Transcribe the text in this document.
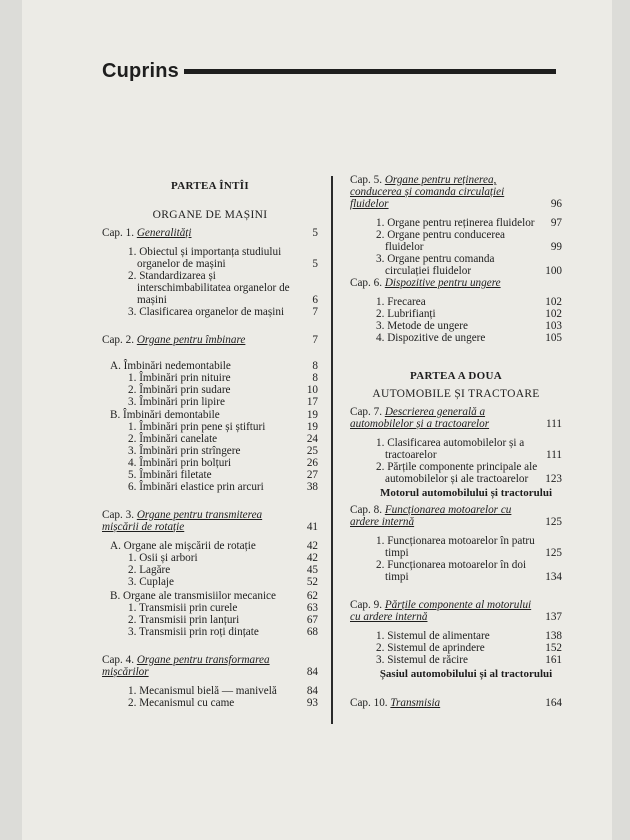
Cuprins
PARTEA ÎNTÎI
ORGANE DE MAȘINI
Cap. 1. Generalități	5
1. Obiectul și importanța studiului organelor de mașini	5
2. Standardizarea și interschimbabilitatea organelor de mașini	6
3. Clasificarea organelor de mașini	7
Cap. 2. Organe pentru îmbinare	7
A. Îmbinări nedemontabile	8
1. Îmbinări prin nituire	8
2. Îmbinări prin sudare	10
3. Îmbinări prin lipire	17
B. Îmbinări demontabile	19
1. Îmbinări prin pene și știfturi	19
2. Îmbinări canelate	24
3. Îmbinări prin strîngere	25
4. Îmbinări prin bolțuri	26
5. Îmbinări filetate	27
6. Îmbinări elastice prin arcuri	38
Cap. 3. Organe pentru transmiterea mișcării de rotație	41
A. Organe ale mișcării de rotație	42
1. Osii și arbori	42
2. Lagăre	45
3. Cuplaje	52
B. Organe ale transmisiilor mecanice	62
1. Transmisii prin curele	63
2. Transmisii prin lanțuri	67
3. Transmisii prin roți dințate	68
Cap. 4. Organe pentru transformarea mișcărilor	84
1. Mecanismul bielă — manivelă	84
2. Mecanismul cu came	93
Cap. 5. Organe pentru reținerea, conducerea și comanda circulației fluidelor	96
1. Organe pentru reținerea fluidelor	97
2. Organe pentru conducerea fluidelor	99
3. Organe pentru comanda circulației fluidelor	100
Cap. 6. Dispozitive pentru ungere
1. Frecarea	102
2. Lubrifianți	102
3. Metode de ungere	103
4. Dispozitive de ungere	105
PARTEA A DOUA
AUTOMOBILE ȘI TRACTOARE
Cap. 7. Descrierea generală a automobilelor și a tractoarelor	111
1. Clasificarea automobilelor și a tractoarelor	111
2. Părțile componente principale ale automobilelor și ale tractoarelor	123
Motorul automobilului și tractorului
Cap. 8. Funcționarea motoarelor cu ardere internă	125
1. Funcționarea motoarelor în patru timpi	125
2. Funcționarea motoarelor în doi timpi	134
Cap. 9. Părțile componente al motorului cu ardere internă	137
1. Sistemul de alimentare	138
2. Sistemul de aprindere	152
3. Sistemul de răcire	161
Șasiul automobilului și al tractorului
Cap. 10. Transmisia	164
